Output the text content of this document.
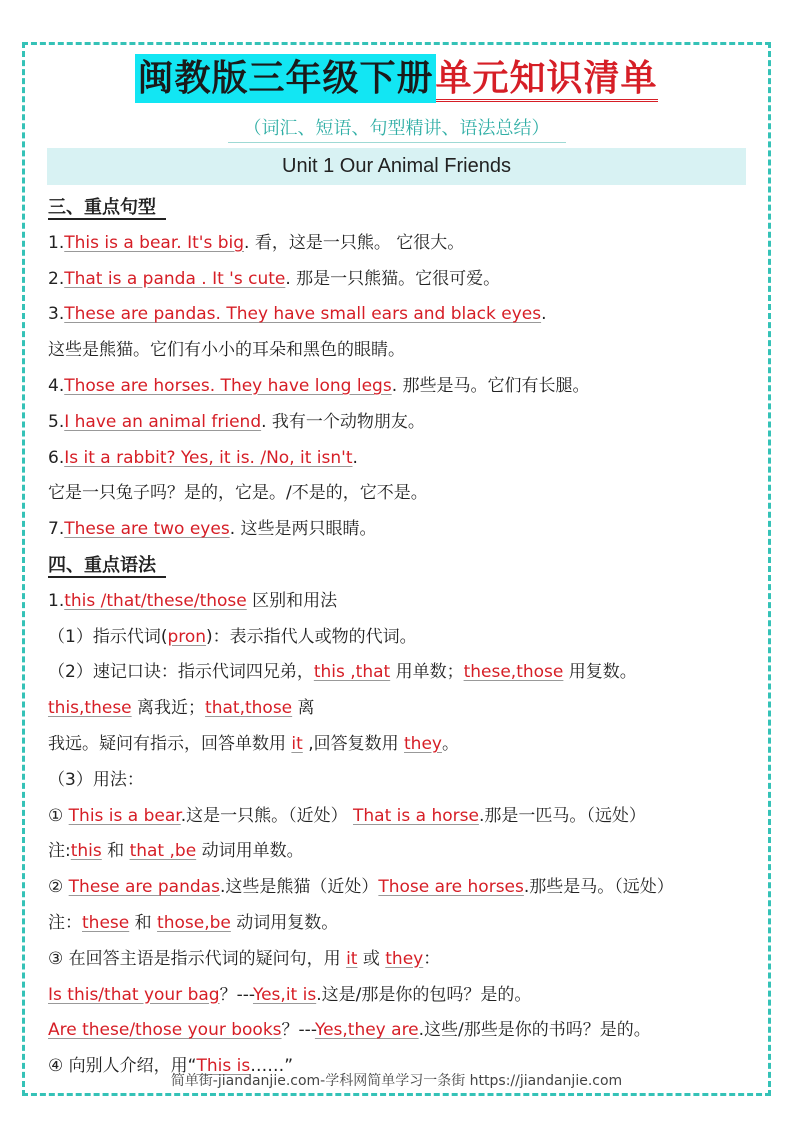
闽教版三年级下册单元知识清单
（词汇、短语、句型精讲、语法总结）
Unit 1 Our Animal Friends
三、重点句型
1.This is a bear. It's big. 看，这是一只熊。 它很大。
2.That is a panda . It 's cute. 那是一只熊猫。它很可爱。
3.These are pandas. They have small ears and black eyes.
这些是熊猫。它们有小小的耳朵和黑色的眼睛。
4.Those are horses. They have long legs. 那些是马。它们有长腿。
5.I have an animal friend. 我有一个动物朋友。
6.Is it a rabbit? Yes, it is. /No, it isn't.
它是一只兔子吗？是的，它是。/不是的，它不是。
7.These are two eyes. 这些是两只眼睛。
四、重点语法
1.this /that/these/those 区别和用法
（1）指示代词(pron)：表示指代人或物的代词。
（2）速记口诀：指示代词四兄弟，this ,that 用单数；these,those 用复数。
this,these 离我近；that,those 离
我远。疑问有指示，回答单数用 it ,回答复数用 they。
（3）用法：
① This is a bear.这是一只熊。（近处） That is a horse.那是一匹马。（远处）
注:this 和 that ,be 动词用单数。
② These are pandas.这些是熊猫（近处）Those are horses.那些是马。（远处）
注：these 和 those,be 动词用复数。
③ 在回答主语是指示代词的疑问句，用 it 或 they：
Is this/that your bag？---Yes,it is.这是/那是你的包吗？是的。
Are these/those your books？---Yes,they are.这些/那些是你的书吗？是的。
④ 向别人介绍，用“This is……”
简单街-jiandanjie.com-学科网简单学习一条街 https://jiandanjie.com
